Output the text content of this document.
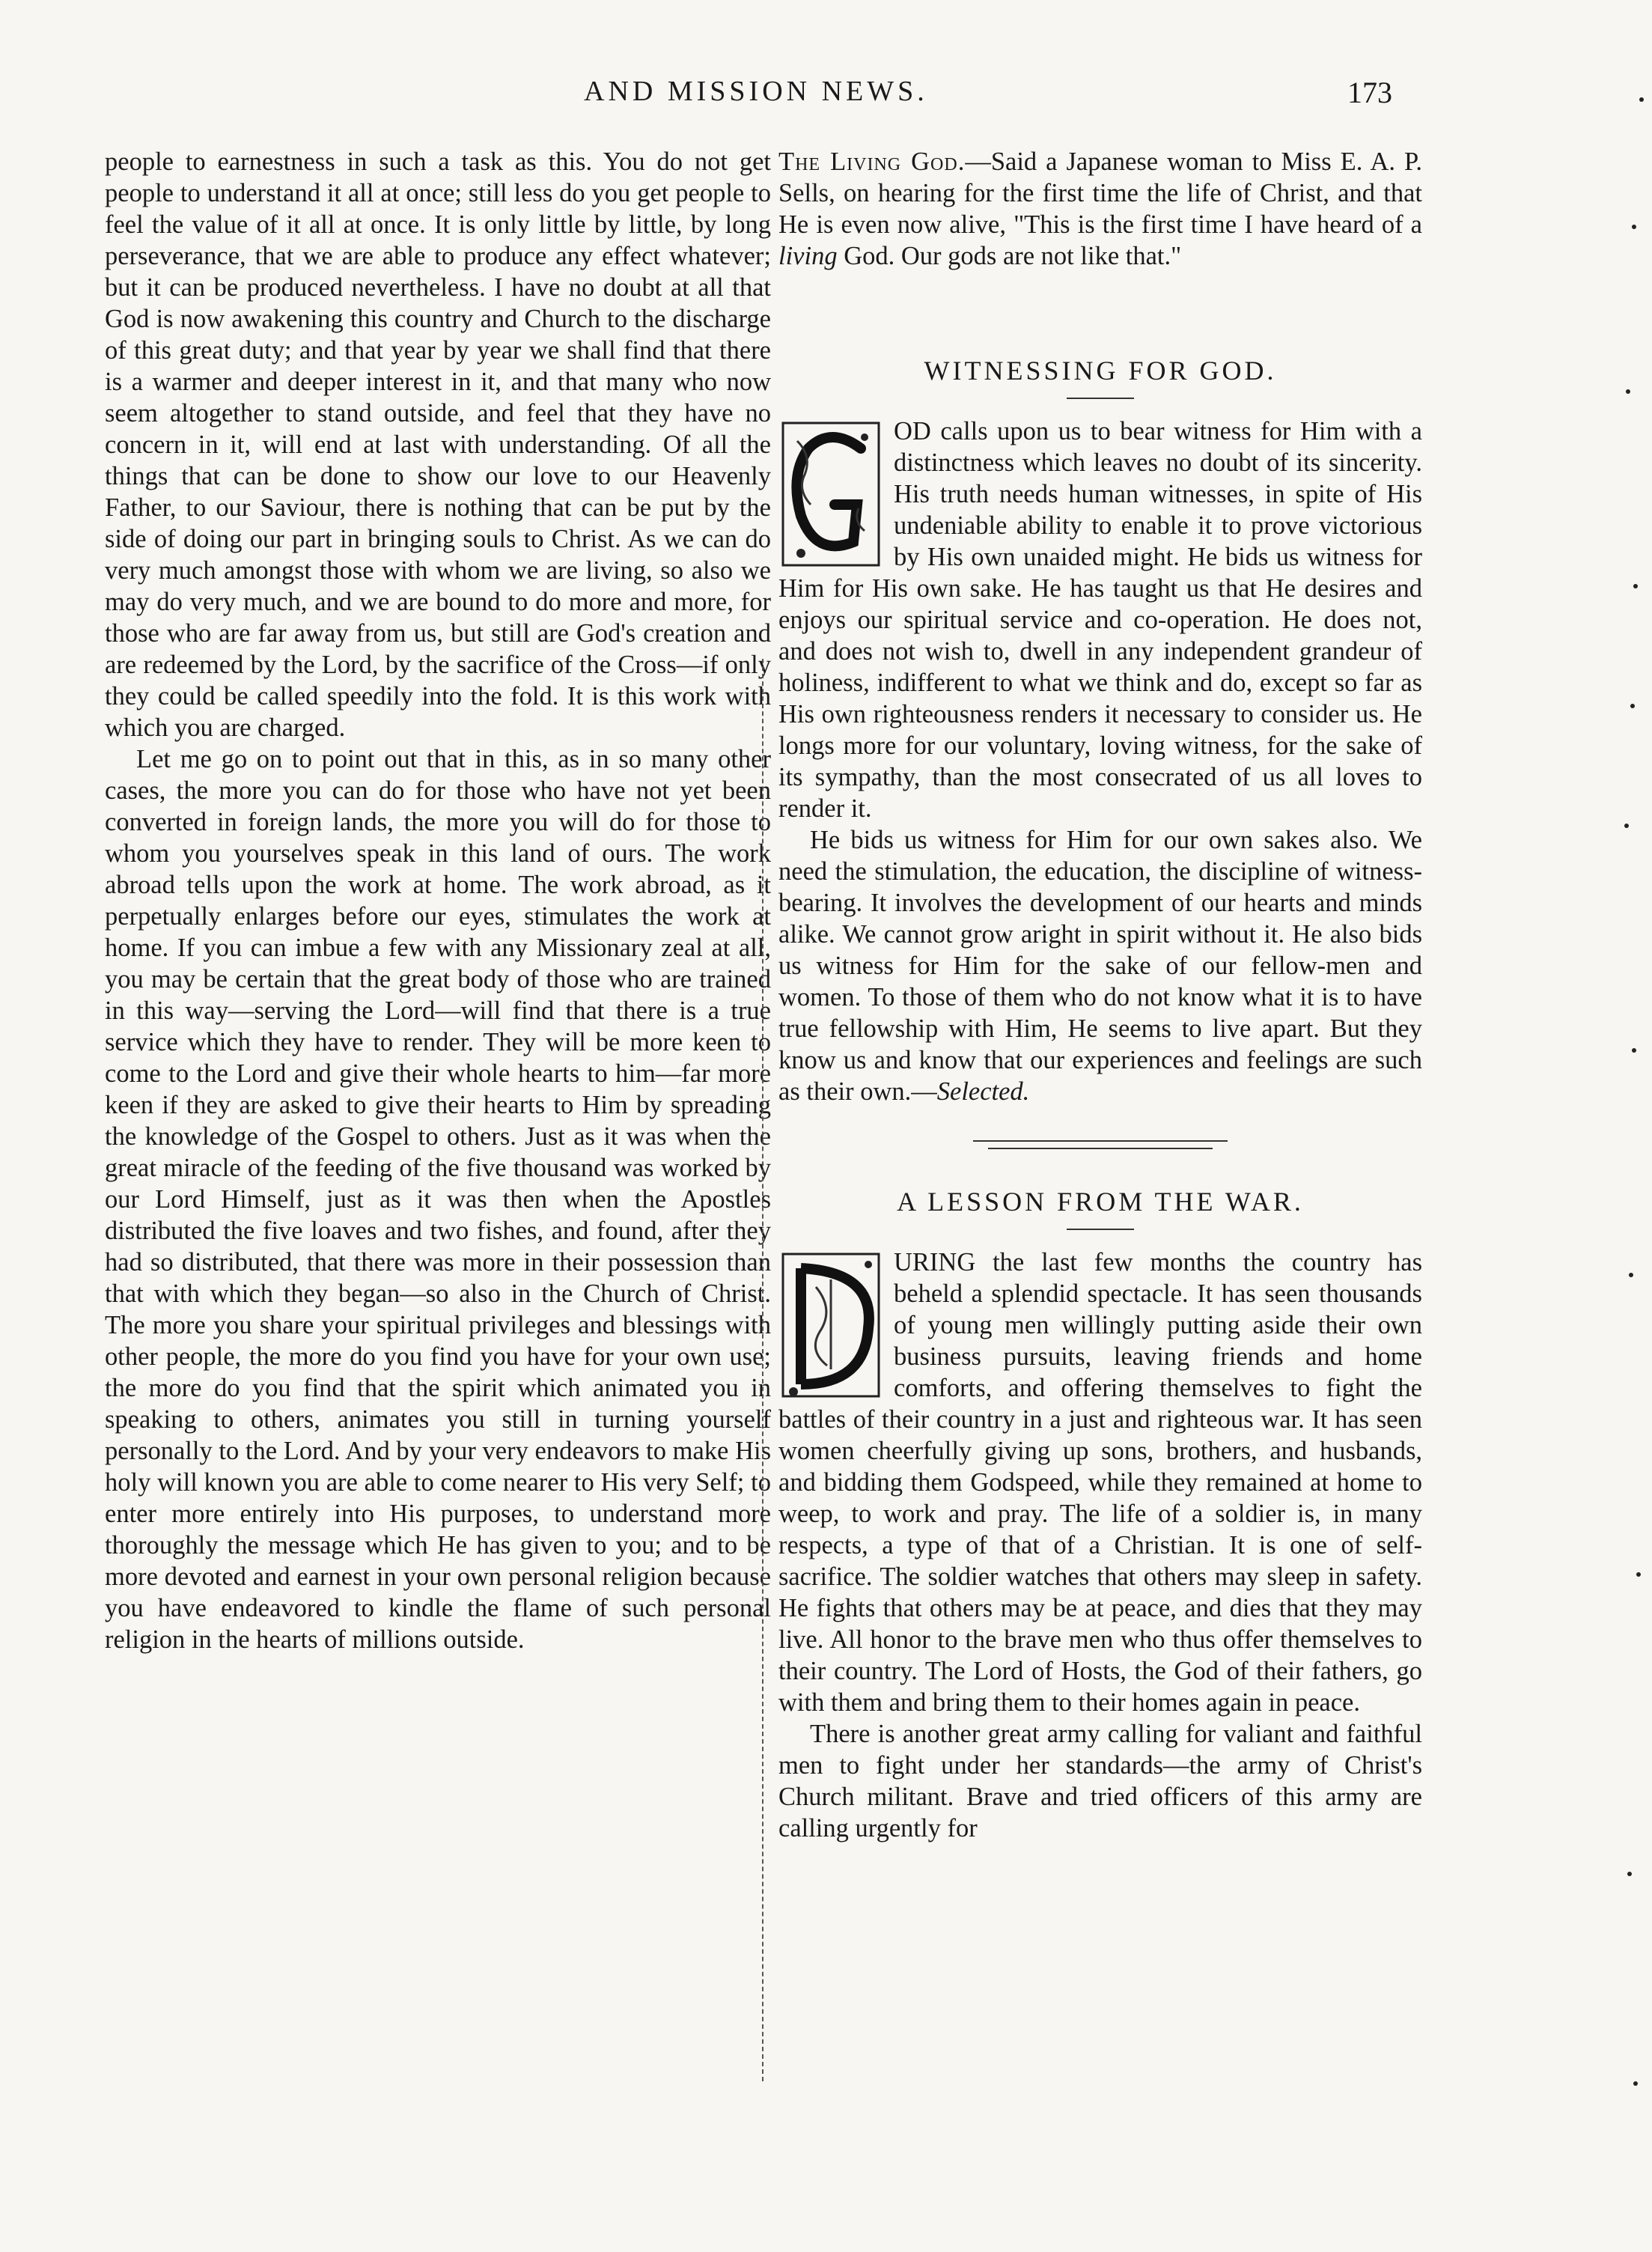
AND MISSION NEWS.	173

people to earnestness in such a task as this. You do not get people to understand it all at once; still less do you get people to feel the value of it all at once. It is only little by little, by long perseverance, that we are able to produce any effect whatever; but it can be produced nevertheless. I have no doubt at all that God is now awakening this country and Church to the discharge of this great duty; and that year by year we shall find that there is a warmer and deeper interest in it, and that many who now seem altogether to stand outside, and feel that they have no concern in it, will end at last with understanding. Of all the things that can be done to show our love to our Heavenly Father, to our Saviour, there is nothing that can be put by the side of doing our part in bringing souls to Christ. As we can do very much amongst those with whom we are living, so also we may do very much, and we are bound to do more and more, for those who are far away from us, but still are God's creation and are redeemed by the Lord, by the sacrifice of the Cross—if only they could be called speedily into the fold. It is this work with which you are charged.

Let me go on to point out that in this, as in so many other cases, the more you can do for those who have not yet been converted in foreign lands, the more you will do for those to whom you yourselves speak in this land of ours. The work abroad tells upon the work at home. The work abroad, as it perpetually enlarges before our eyes, stimulates the work at home. If you can imbue a few with any Missionary zeal at all, you may be certain that the great body of those who are trained in this way—serving the Lord—will find that there is a true service which they have to render. They will be more keen to come to the Lord and give their whole hearts to him—far more keen if they are asked to give their hearts to Him by spreading the knowledge of the Gospel to others. Just as it was when the great miracle of the feeding of the five thousand was worked by our Lord Himself, just as it was then when the Apostles distributed the five loaves and two fishes, and found, after they had so distributed, that there was more in their possession than that with which they began—so also in the Church of Christ. The more you share your spiritual privileges and blessings with other people, the more do you find you have for your own use; the more do you find that the spirit which animated you in speaking to others, animates you still in turning yourself personally to the Lord. And by your very endeavors to make His holy will known you are able to come nearer to His very Self; to enter more entirely into His purposes, to understand more thoroughly the message which He has given to you; and to be more devoted and earnest in your own personal religion because you have endeavored to kindle the flame of such personal religion in the hearts of millions outside.

The Living God.—Said a Japanese woman to Miss E. A. P. Sells, on hearing for the first time the life of Christ, and that He is even now alive, "This is the first time I have heard of a living God. Our gods are not like that."

WITNESSING FOR GOD.

OD calls upon us to bear witness for Him with a distinctness which leaves no doubt of its sincerity. His truth needs human witnesses, in spite of His undeniable ability to enable it to prove victorious by His own unaided might. He bids us witness for Him for His own sake. He has taught us that He desires and enjoys our spiritual service and co-operation. He does not, and does not wish to, dwell in any independent grandeur of holiness, indifferent to what we think and do, except so far as His own righteousness renders it necessary to consider us. He longs more for our voluntary, loving witness, for the sake of its sympathy, than the most consecrated of us all loves to render it.

He bids us witness for Him for our own sakes also. We need the stimulation, the education, the discipline of witness-bearing. It involves the development of our hearts and minds alike. We cannot grow aright in spirit without it. He also bids us witness for Him for the sake of our fellow-men and women. To those of them who do not know what it is to have true fellowship with Him, He seems to live apart. But they know us and know that our experiences and feelings are such as their own.—Selected.

A LESSON FROM THE WAR.

URING the last few months the country has beheld a splendid spectacle. It has seen thousands of young men willingly putting aside their own business pursuits, leaving friends and home comforts, and offering themselves to fight the battles of their country in a just and righteous war. It has seen women cheerfully giving up sons, brothers, and husbands, and bidding them Godspeed, while they remained at home to weep, to work and pray. The life of a soldier is, in many respects, a type of that of a Christian. It is one of self-sacrifice. The soldier watches that others may sleep in safety. He fights that others may be at peace, and dies that they may live. All honor to the brave men who thus offer themselves to their country. The Lord of Hosts, the God of their fathers, go with them and bring them to their homes again in peace.

There is another great army calling for valiant and faithful men to fight under her standards—the army of Christ's Church militant. Brave and tried officers of this army are calling urgently for
